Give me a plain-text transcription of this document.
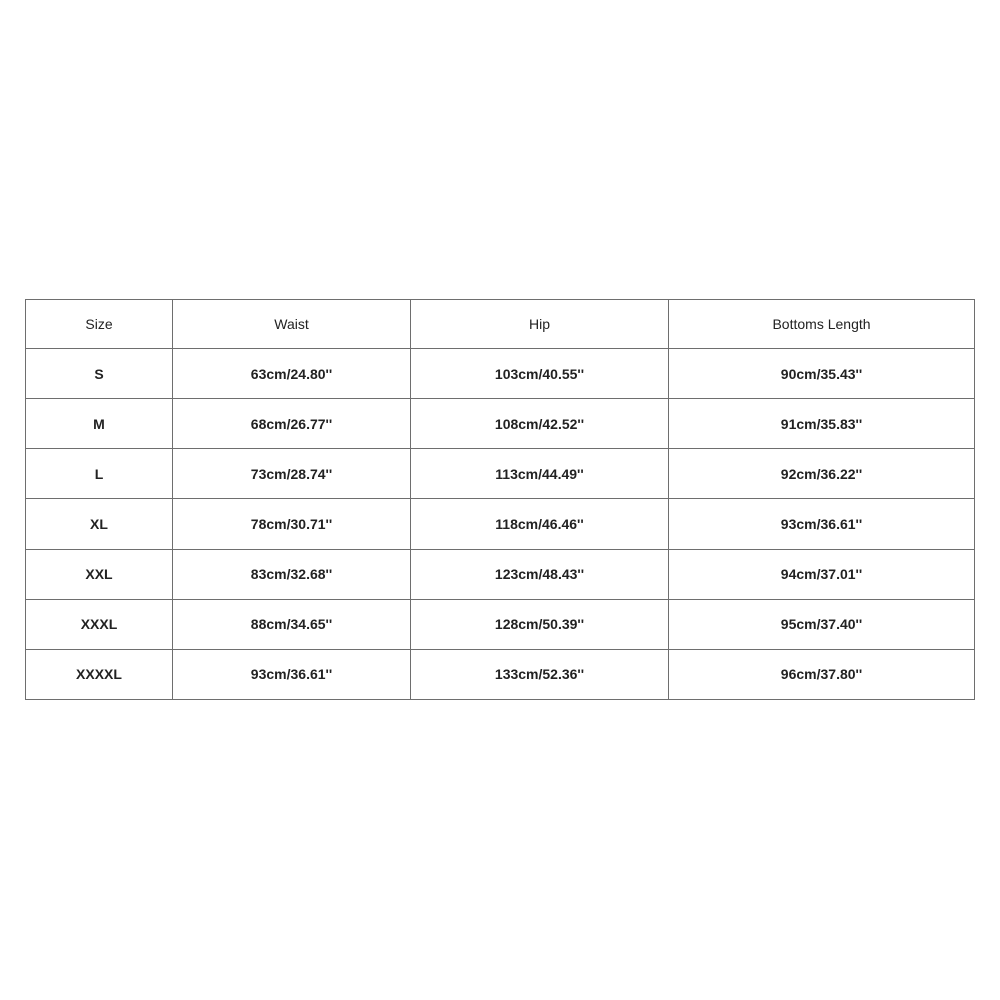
Size	Waist	Hip	Bottoms Length
S	63cm/24.80''	103cm/40.55''	90cm/35.43''
M	68cm/26.77''	108cm/42.52''	91cm/35.83''
L	73cm/28.74''	113cm/44.49''	92cm/36.22''
XL	78cm/30.71''	118cm/46.46''	93cm/36.61''
XXL	83cm/32.68''	123cm/48.43''	94cm/37.01''
XXXL	88cm/34.65''	128cm/50.39''	95cm/37.40''
XXXXL	93cm/36.61''	133cm/52.36''	96cm/37.80''
